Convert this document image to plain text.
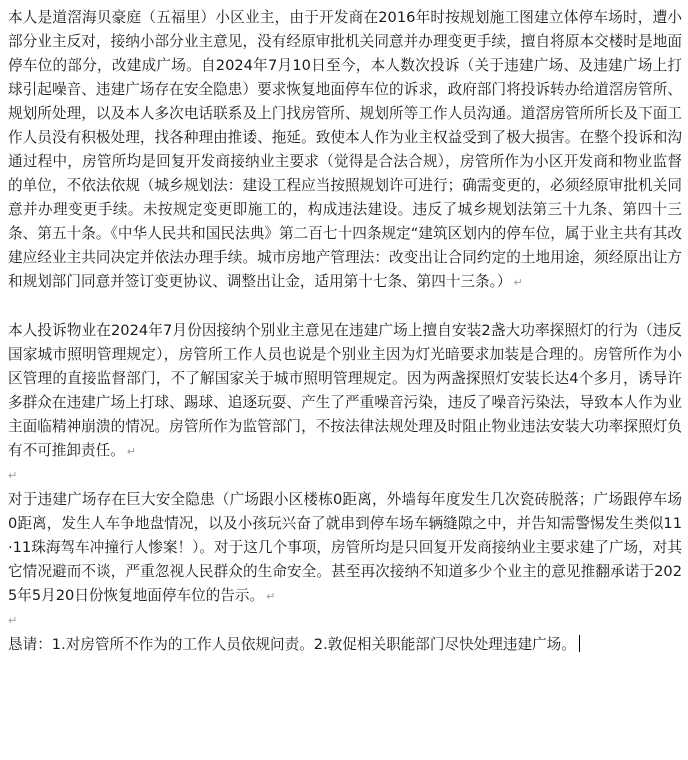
本人是道滘海贝豪庭（五福里）小区业主，由于开发商在2016年时按规划施工图建立体停车场时，遭小部分业主反对，接纳小部分业主意见，没有经原审批机关同意并办理变更手续，擅自将原本交楼时是地面停车位的部分，改建成广场。自2024年7月10日至今，本人数次投诉（关于违建广场、及违建广场上打球引起噪音、违建广场存在安全隐患）要求恢复地面停车位的诉求，政府部门将投诉转办给道滘房管所、规划所处理，以及本人多次电话联系及上门找房管所、规划所等工作人员沟通。道滘房管所所长及下面工作人员没有积极处理，找各种理由推诿、拖延。致使本人作为业主权益受到了极大损害。在整个投诉和沟通过程中，房管所均是回复开发商接纳业主要求（觉得是合法合规），房管所作为小区开发商和物业监督的单位，不依法依规（城乡规划法：建设工程应当按照规划许可进行；确需变更的，必须经原审批机关同意并办理变更手续。未按规定变更即施工的，构成违法建设。违反了城乡规划法第三十九条、第四十三条、第五十条。《中华人民共和国民法典》第二百七十四条规定“建筑区划内的停车位，属于业主共有其改建应经业主共同决定并依法办理手续。城市房地产管理法：改变出让合同约定的土地用途，须经原出让方和规划部门同意并签订变更协议、调整出让金，适用第十七条、第四十三条。） ↵

本人投诉物业在2024年7月份因接纳个别业主意见在违建广场上擅自安装2盏大功率探照灯的行为（违反国家城市照明管理规定），房管所工作人员也说是个别业主因为灯光暗要求加装是合理的。房管所作为小区管理的直接监督部门，不了解国家关于城市照明管理规定。因为两盏探照灯安装长达4个多月，诱导许多群众在违建广场上打球、踢球、追逐玩耍、产生了严重噪音污染，违反了噪音污染法，导致本人作为业主面临精神崩溃的情况。房管所作为监管部门，不按法律法规处理及时阻止物业违法安装大功率探照灯负有不可推卸责任。 ↵

↵

对于违建广场存在巨大安全隐患（广场跟小区楼栋0距离，外墙每年度发生几次瓷砖脱落；广场跟停车场0距离，发生人车争地盘情况，以及小孩玩兴奋了就串到停车场车辆缝隙之中，并告知需警惕发生类似11·11珠海驾车冲撞行人惨案！）。对于这几个事项，房管所均是只回复开发商接纳业主要求建了广场，对其它情况避而不谈，严重忽视人民群众的生命安全。甚至再次接纳不知道多少个业主的意见推翻承诺于2025年5月20日份恢复地面停车位的告示。 ↵

↵

恳请：1.对房管所不作为的工作人员依规问责。2.敦促相关职能部门尽快处理违建广场。
